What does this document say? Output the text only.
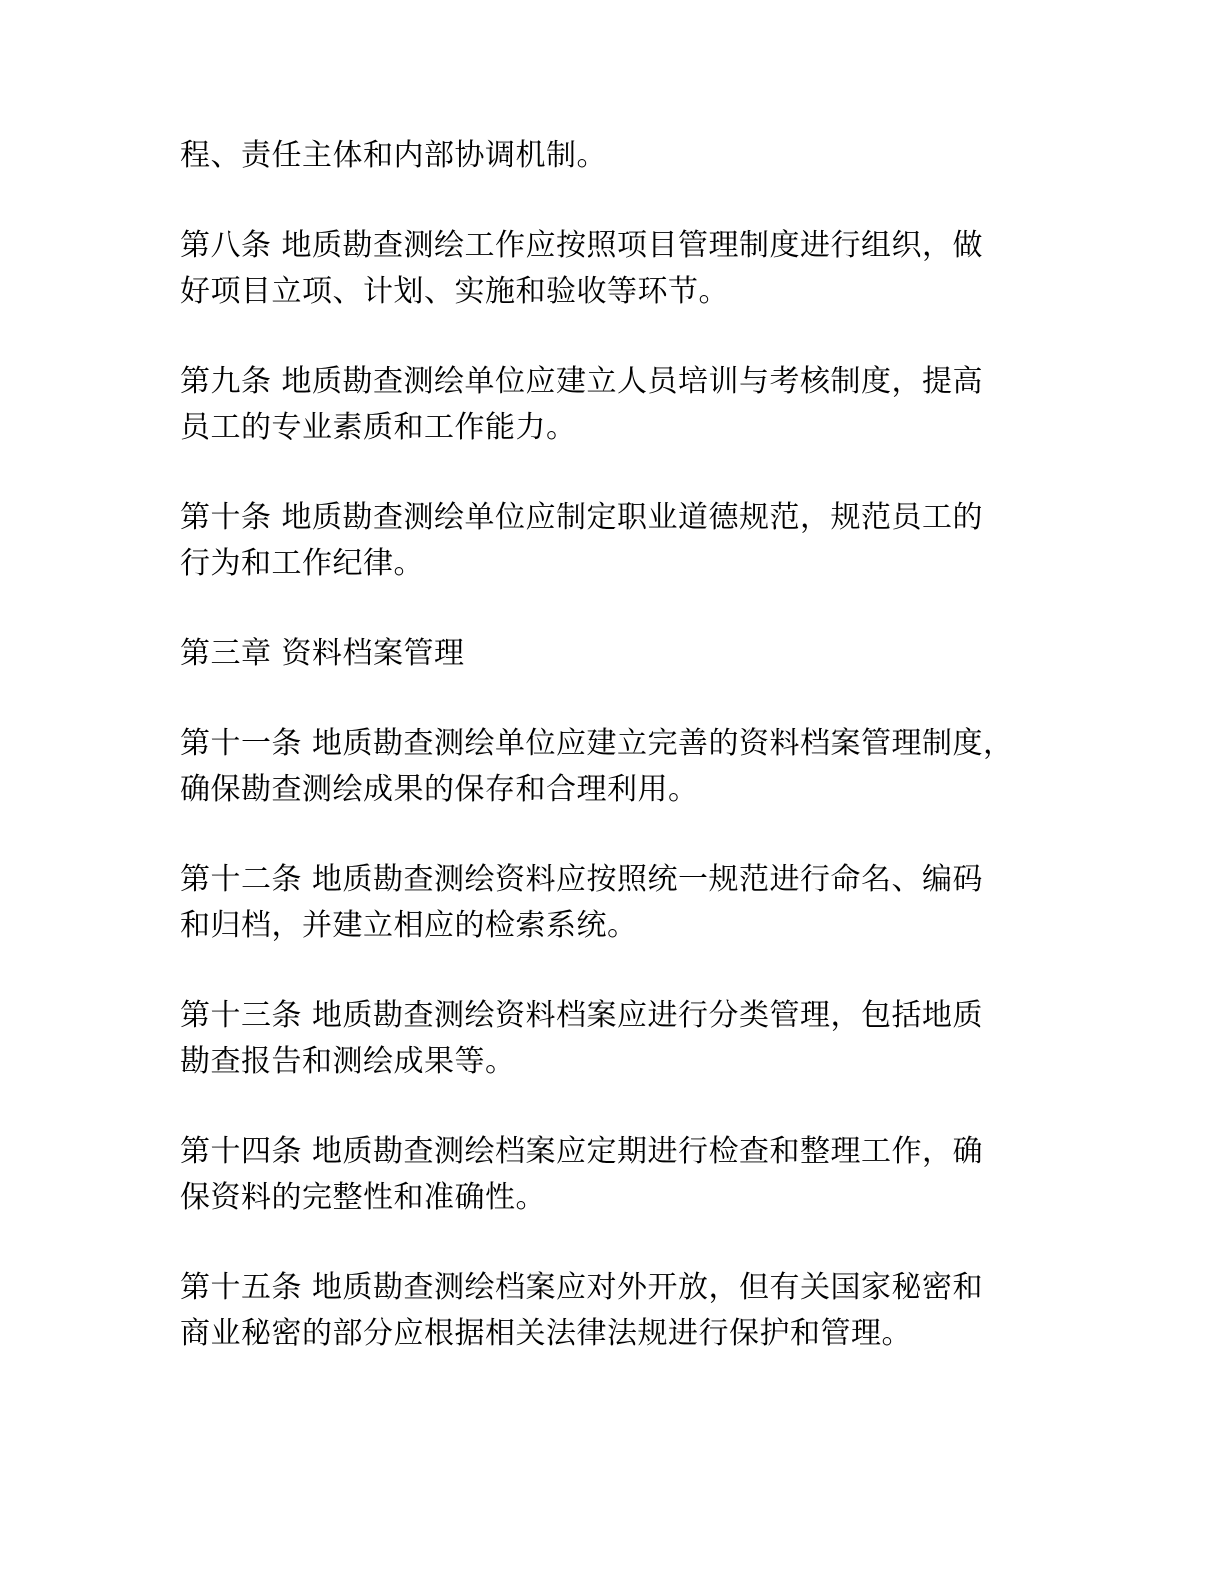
程、责任主体和内部协调机制。
第八条 地质勘查测绘工作应按照项目管理制度进行组织，做
好项目立项、计划、实施和验收等环节。
第九条 地质勘查测绘单位应建立人员培训与考核制度，提高
员工的专业素质和工作能力。
第十条 地质勘查测绘单位应制定职业道德规范，规范员工的
行为和工作纪律。
第三章 资料档案管理
第十一条 地质勘查测绘单位应建立完善的资料档案管理制度，
确保勘查测绘成果的保存和合理利用。
第十二条 地质勘查测绘资料应按照统一规范进行命名、编码
和归档，并建立相应的检索系统。
第十三条 地质勘查测绘资料档案应进行分类管理，包括地质
勘查报告和测绘成果等。
第十四条 地质勘查测绘档案应定期进行检查和整理工作，确
保资料的完整性和准确性。
第十五条 地质勘查测绘档案应对外开放，但有关国家秘密和
商业秘密的部分应根据相关法律法规进行保护和管理。
